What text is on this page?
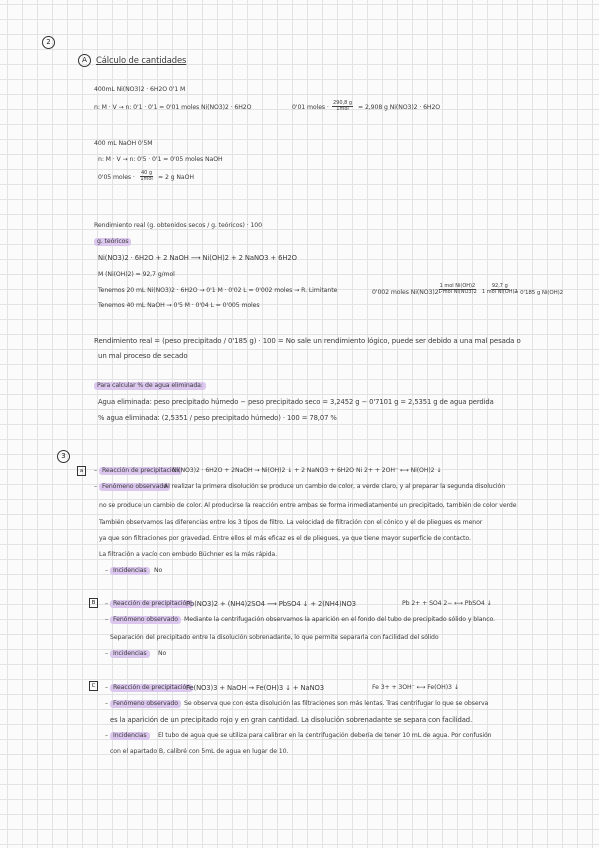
2
A	Cálculo de cantidades
400mL Ni(NO3)2 · 6H2O 0'1 M
n: M · V → n: 0'1 · 0'1 = 0'01 moles Ni(NO3)2 · 6H2O	0'01 moles ·
290,8 g
1mol = 2,908 g Ni(NO3)2 · 6H2O
400 mL NaOH 0'5M
n: M · V → n: 0'5 · 0'1 = 0'05 moles NaOH
0'05 moles ·
40 g
1mol = 2 g NaOH
Rendimiento real (g. obtenidos secos / g. teóricos) · 100
g. teóricos
Ni(NO3)2 · 6H2O + 2 NaOH ⟶ Ni(OH)2 + 2 NaNO3 + 6H2O
M (Ni(OH)2) = 92,7 g/mol
Tenemos 20 mL Ni(NO3)2 · 6H2O → 0'1 M · 0'02 L = 0'002 moles → R. Limitante	0'002 moles Ni(NO3)2 ·
1 mol Ni(OH)2
1 mol Ni(NO3)2
92,7 g
1 mol Ni(OH)2
= 0'185 g Ni(OH)2
Tenemos 40 mL NaOH → 0'5 M · 0'04 L = 0'005 moles
Rendimiento real = (peso precipitado / 0'185 g) · 100 = No sale un rendimiento lógico, puede ser debido a una mal pesada o
un mal proceso de secado
Para calcular % de agua eliminada:
Agua eliminada: peso precipitado húmedo − peso precipitado seco = 3,2452 g − 0'7101 g = 2,5351 g de agua perdida
% agua eliminada: (2,5351 / peso precipitado húmedo) · 100 = 78,07 %
3
a	– Reacción de precipitación
Ni(NO3)2 · 6H2O + 2NaOH → Ni(OH)2 ↓ + 2 NaNO3 + 6H2O Ni 2+ + 2OH⁻ ⟷ Ni(OH)2 ↓
– Fenómeno observado
Al realizar la primera disolución se produce un cambio de color, a verde claro, y al preparar la segunda disolución
no se produce un cambio de color. Al producirse la reacción entre ambas se forma inmediatamente un precipitado, también de color verde
También observamos las diferencias entre los 3 tipos de filtro. La velocidad de filtración con el cónico y el de pliegues es menor
ya que son filtraciones por gravedad. Entre ellos el más eficaz es el de pliegues, ya que tiene mayor superficie de contacto.
La filtración a vacío con embudo Büchner es la más rápida.
– Incidencias	No
B	– Reacción de precipitación
Pb(NO3)2 + (NH4)2SO4 ⟶ PbSO4 ↓ + 2(NH4)NO3	Pb 2+ + SO4 2− ⟷ PbSO4 ↓
– Fenómeno observado Mediante la centrifugación observamos la aparición en el fondo del tubo de precipitado sólido y blanco.
Separación del precipitado entre la disolución sobrenadante, lo que permite separarla con facilidad del sólido
– Incidencias	No
C	– Reacción de precipitación
Fe(NO3)3 + NaOH → Fe(OH)3 ↓ + NaNO3	Fe 3+ + 3OH⁻ ⟷ Fe(OH)3 ↓
– Fenómeno observado Se observa que con esta disolución las filtraciones son más lentas. Tras centrifugar lo que se observa
es la aparición de un precipitado rojo y en gran cantidad. La disolución sobrenadante se separa con facilidad.
– Incidencias	El tubo de agua que se utiliza para calibrar en la centrifugación debería de tener 10 mL de agua. Por confusión
con el apartado B, calibré con 5mL de agua en lugar de 10.
